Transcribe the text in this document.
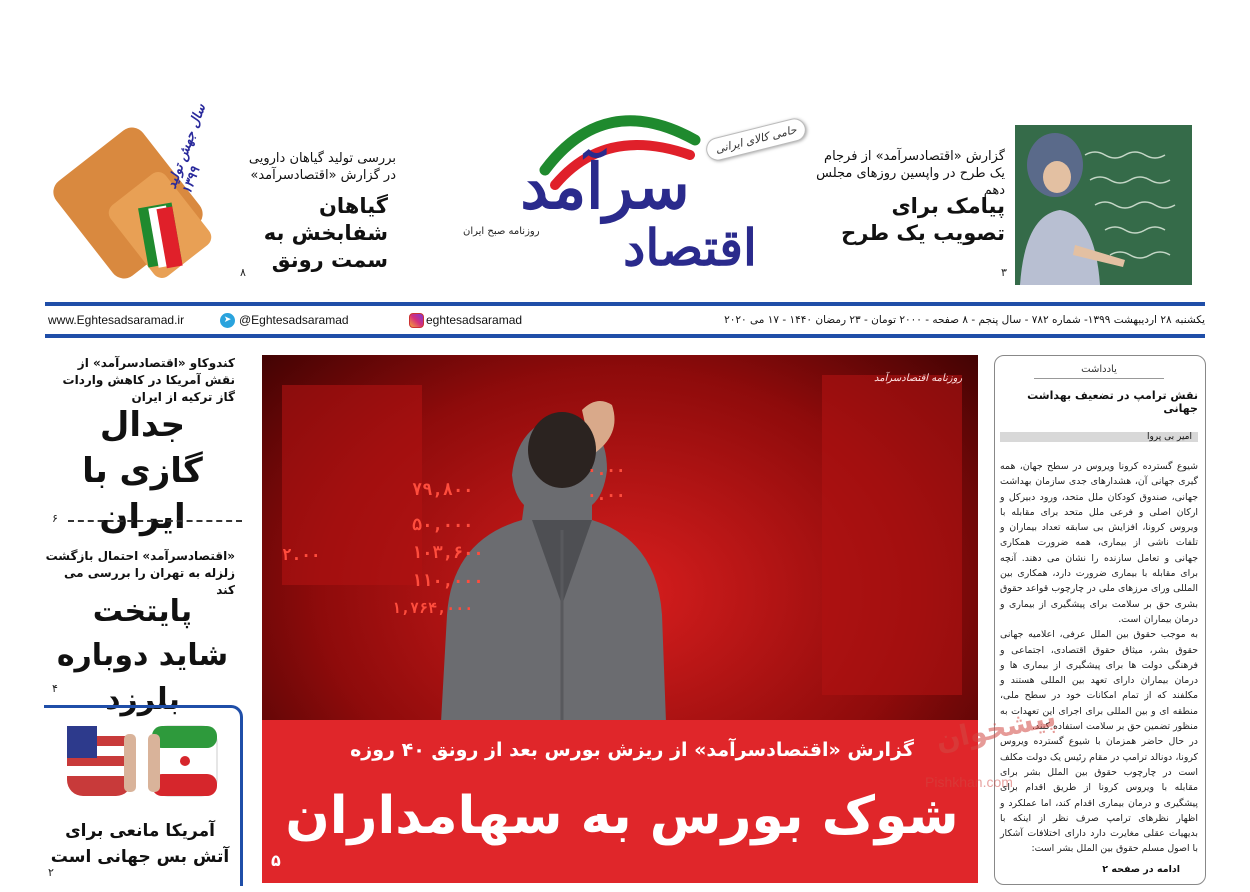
سرآمد
اقتصاد
روزنامه صبح ایران
حامی کالای ایرانی
گزارش «اقتصادسرآمد» از فرجام یک طرح در واپسین روزهای مجلس دهم
پیامک برای تصویب یک طرح
۳
سال جهش تولید ۱۳۹۹
بررسی تولید گیاهان دارویی در گزارش «اقتصادسرآمد»
گیاهان شفابخش به سمت رونق
۸
www.Eghtesadsaramad.ir	➤ @Eghtesadsaramad	eghtesadsaramad	یکشنبه ۲۸ اردیبهشت ۱۳۹۹- شماره ۷۸۲ - سال پنجم - ۸ صفحه - ۲۰۰۰ تومان - ۲۳ رمضان ۱۴۴۰ - ۱۷ می ۲۰۲۰
کندوکاو «اقتصادسرآمد» از نقش آمریکا در کاهش واردات گاز ترکیه از ایران
جدال گازی با ایران
۶
«اقتصادسرآمد» احتمال بازگشت زلزله به تهران را بررسی می کند
پایتخت شاید دوباره بلرزد
۴
آمریکا مانعی برای آتش بس جهانی است
۲
۷۹,۸۰۰
۵۰,۰۰۰
۱۰۳,۶۰۰
۱۱۰,۰۰۰
۱,۷۶۴,۰۰۰
۰.۰۰
۰.۰۰
۲.۰۰
روزنامه اقتصادسرآمد
گزارش «اقتصادسرآمد» از ریزش بورس بعد از رونق ۴۰ روزه
شوک بورس به سهامداران
۵
یادداشت
نقش ترامپ در تضعیف بهداشت جهانی
امیر بی پروا

شیوع گسترده کرونا ویروس در سطح جهان، همه گیری جهانی آن، هشدارهای جدی سازمان بهداشت جهانی، صندوق کودکان ملل متحد، ورود دبیرکل و ارکان اصلی و فرعی ملل متحد برای مقابله با ویروس کرونا، افزایش بی سابقه تعداد بیماران و تلفات ناشی از بیماری، همه ضرورت همکاری جهانی و تعامل سازنده را نشان می دهند. آنچه برای مقابله با بیماری ضرورت دارد، همکاری بین المللی ورای مرزهای ملی در چارچوب قواعد حقوق بشری حق بر سلامت برای پیشگیری از بیماری و درمان بیماران است.

به موجب حقوق بین الملل عرفی، اعلامیه جهانی حقوق بشر، میثاق حقوق اقتصادی، اجتماعی و فرهنگی دولت ها برای پیشگیری از بیماری ها و درمان بیماران دارای تعهد بین المللی هستند و مکلفند که از تمام امکانات خود در سطح ملی، منطقه ای و بین المللی برای اجرای این تعهدات به منظور تضمین حق بر سلامت استفاده کنند.

در حال حاضر همزمان با شیوع گسترده ویروس کرونا، دونالد ترامپ در مقام رئیس یک دولت مکلف است در چارچوب حقوق بین الملل بشر برای مقابله با ویروس کرونا از طریق اقدام برای پیشگیری و درمان بیماری اقدام کند، اما عملکرد و اظهار نظرهای ترامپ صرف نظر از اینکه با بدیهیات عقلی مغایرت دارد دارای اختلافات آشکار با اصول مسلم حقوق بین الملل بشر است:

ادامه در صفحه ۲
پیشخوان
Pishkhan.com
